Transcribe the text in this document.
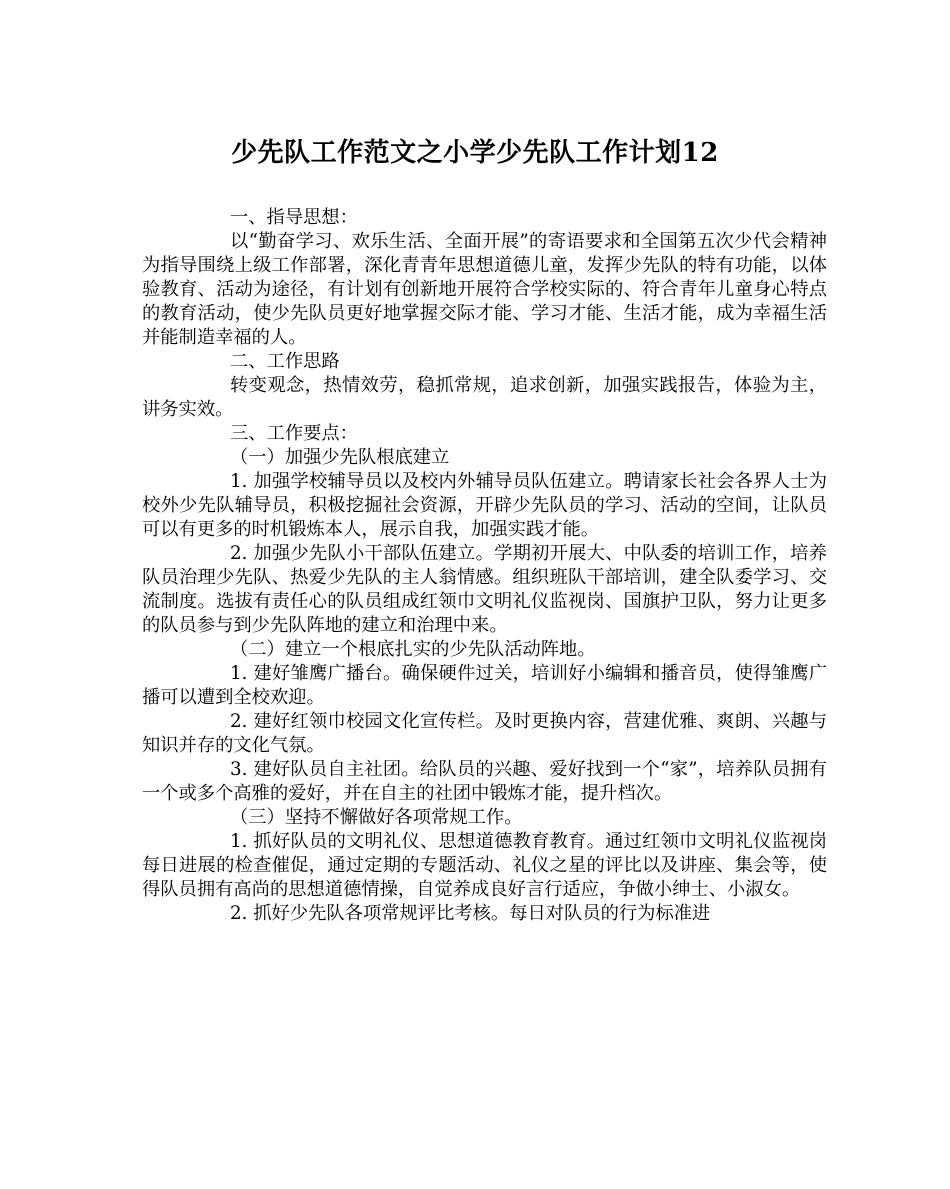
少先队工作范文之小学少先队工作计划12

一、指导思想：

以“勤奋学习、欢乐生活、全面开展”的寄语要求和全国第五次少代会精神为指导围绕上级工作部署，深化青青年思想道德儿童，发挥少先队的特有功能，以体验教育、活动为途径，有计划有创新地开展符合学校实际的、符合青年儿童身心特点的教育活动，使少先队员更好地掌握交际才能、学习才能、生活才能，成为幸福生活并能制造幸福的人。

二、工作思路

转变观念，热情效劳，稳抓常规，追求创新，加强实践报告，体验为主，讲务实效。

三、工作要点：

（一）加强少先队根底建立

1. 加强学校辅导员以及校内外辅导员队伍建立。聘请家长社会各界人士为校外少先队辅导员，积极挖掘社会资源，开辟少先队员的学习、活动的空间，让队员可以有更多的时机锻炼本人，展示自我，加强实践才能。

2. 加强少先队小干部队伍建立。学期初开展大、中队委的培训工作，培养队员治理少先队、热爱少先队的主人翁情感。组织班队干部培训，建全队委学习、交流制度。选拔有责任心的队员组成红领巾文明礼仪监视岗、国旗护卫队，努力让更多的队员参与到少先队阵地的建立和治理中来。

（二）建立一个根底扎实的少先队活动阵地。

1. 建好雏鹰广播台。确保硬件过关，培训好小编辑和播音员，使得雏鹰广播可以遭到全校欢迎。

2. 建好红领巾校园文化宣传栏。及时更换内容，营建优雅、爽朗、兴趣与知识并存的文化气氛。

3. 建好队员自主社团。给队员的兴趣、爱好找到一个“家”，培养队员拥有一个或多个高雅的爱好，并在自主的社团中锻炼才能，提升档次。

（三）坚持不懈做好各项常规工作。

1. 抓好队员的文明礼仪、思想道德教育教育。通过红领巾文明礼仪监视岗每日进展的检查催促，通过定期的专题活动、礼仪之星的评比以及讲座、集会等，使得队员拥有高尚的思想道德情操，自觉养成良好言行适应，争做小绅士、小淑女。

2. 抓好少先队各项常规评比考核。每日对队员的行为标准进
